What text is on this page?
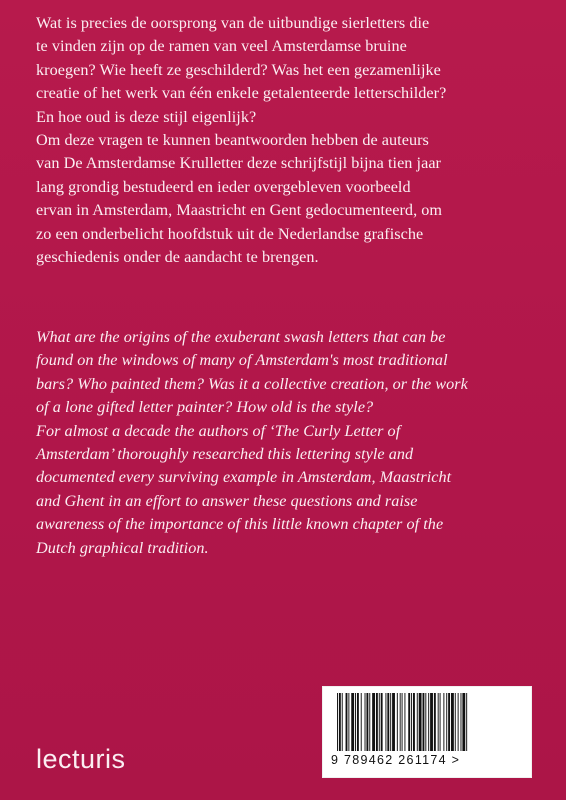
Wat is precies de oorsprong van de uitbundige sierletters die
te vinden zijn op de ramen van veel Amsterdamse bruine
kroegen? Wie heeft ze geschilderd? Was het een gezamenlijke
creatie of het werk van één enkele getalenteerde letterschilder?
En hoe oud is deze stijl eigenlijk?
Om deze vragen te kunnen beantwoorden hebben de auteurs
van De Amsterdamse Krulletter deze schrijfstijl bijna tien jaar
lang grondig bestudeerd en ieder overgebleven voorbeeld
ervan in Amsterdam, Maastricht en Gent gedocumenteerd, om
zo een onderbelicht hoofdstuk uit de Nederlandse grafische
geschiedenis onder de aandacht te brengen.

What are the origins of the exuberant swash letters that can be
found on the windows of many of Amsterdam's most traditional
bars? Who painted them? Was it a collective creation, or the work
of a lone gifted letter painter? How old is the style?
For almost a decade the authors of ‘The Curly Letter of
Amsterdam’ thoroughly researched this lettering style and
documented every surviving example in Amsterdam, Maastricht
and Ghent in an effort to answer these questions and raise
awareness of the importance of this little known chapter of the
Dutch graphical tradition.

9 789462 261174 >
lecturis
